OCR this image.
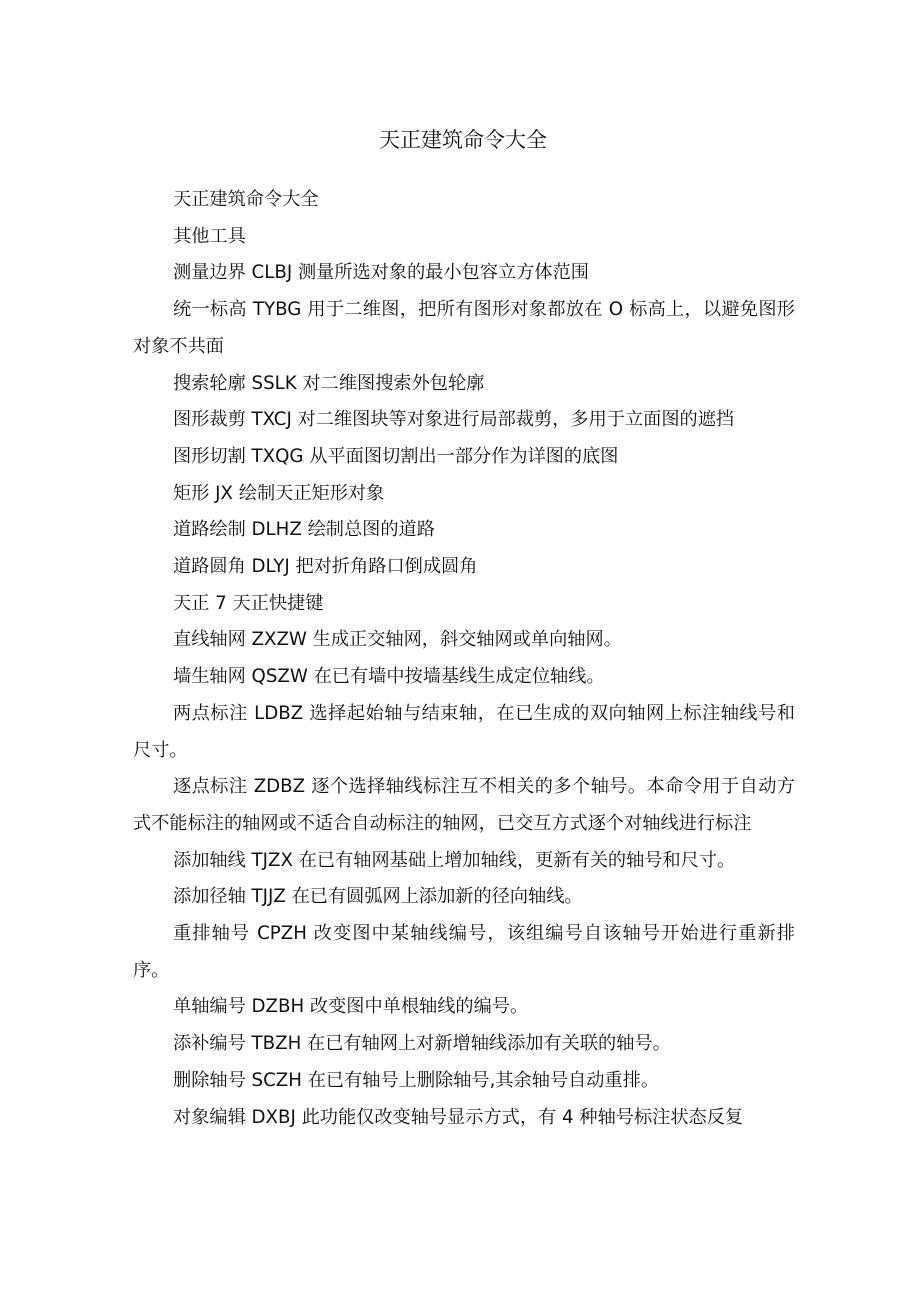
天正建筑命令大全

天正建筑命令大全

其他工具

测量边界 CLBJ 测量所选对象的最小包容立方体范围

统一标高 TYBG 用于二维图，把所有图形对象都放在 O 标高上，以避免图形对象不共面

搜索轮廓 SSLK 对二维图搜索外包轮廓

图形裁剪 TXCJ 对二维图块等对象进行局部裁剪，多用于立面图的遮挡

图形切割 TXQG 从平面图切割出一部分作为详图的底图

矩形 JX 绘制天正矩形对象

道路绘制 DLHZ 绘制总图的道路

道路圆角 DLYJ 把对折角路口倒成圆角

天正 7 天正快捷键

直线轴网 ZXZW 生成正交轴网，斜交轴网或单向轴网。

墙生轴网 QSZW 在已有墙中按墙基线生成定位轴线。

两点标注 LDBZ 选择起始轴与结束轴，在已生成的双向轴网上标注轴线号和尺寸。

逐点标注 ZDBZ 逐个选择轴线标注互不相关的多个轴号。本命令用于自动方式不能标注的轴网或不适合自动标注的轴网，已交互方式逐个对轴线进行标注

添加轴线 TJZX 在已有轴网基础上增加轴线，更新有关的轴号和尺寸。

添加径轴 TJJZ 在已有圆弧网上添加新的径向轴线。

重排轴号 CPZH 改变图中某轴线编号，该组编号自该轴号开始进行重新排序。

单轴编号 DZBH 改变图中单根轴线的编号。

添补编号 TBZH 在已有轴网上对新增轴线添加有关联的轴号。

删除轴号 SCZH 在已有轴号上删除轴号,其余轴号自动重排。

对象编辑 DXBJ 此功能仅改变轴号显示方式，有 4 种轴号标注状态反复
